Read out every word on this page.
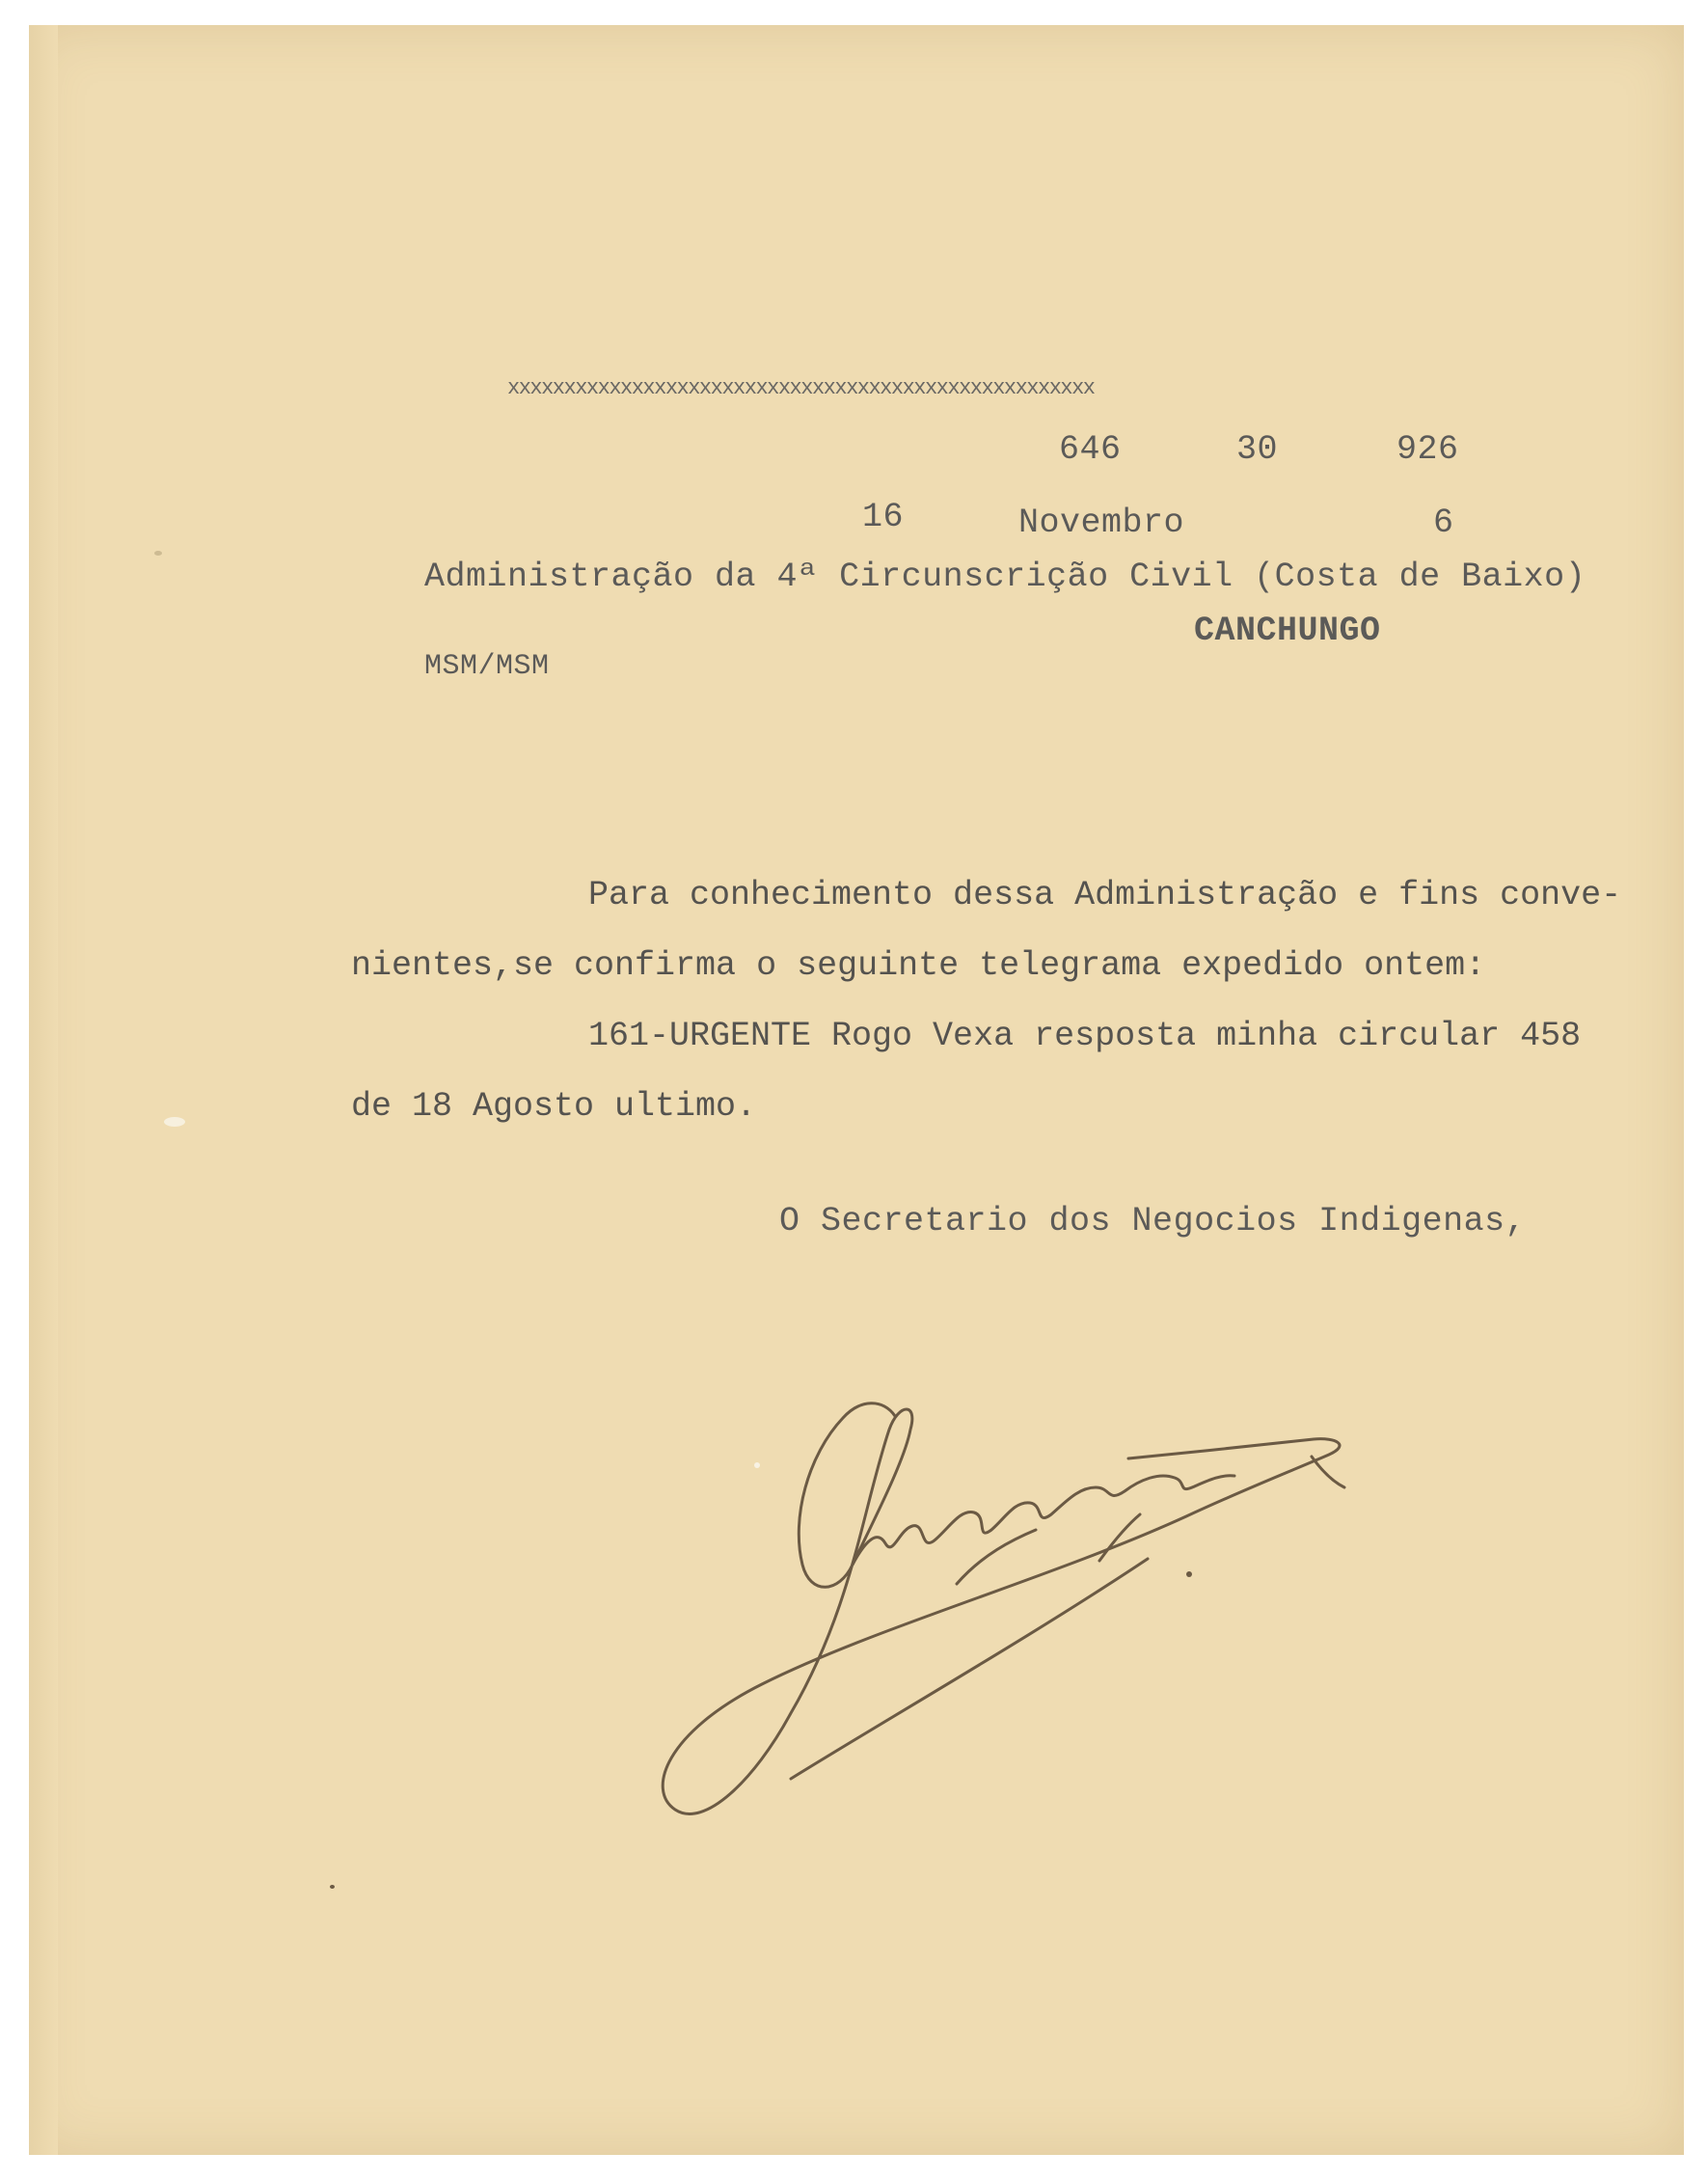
xxxxxxxxxxxxxxxxxxxxxxxxxxxxxxxxxxxxxxxxxxxxxxxxxxxx
646	30	926
16	Novembro	6
Administração da 4ª Circunscrição Civil (Costa de Baixo)
CANCHUNGO
MSM/MSM
Para conhecimento dessa Administração e fins conve-
nientes,se confirma o seguinte telegrama expedido ontem:
161-URGENTE Rogo Vexa resposta minha circular 458
de 18 Agosto ultimo.
O Secretario dos Negocios Indigenas,
